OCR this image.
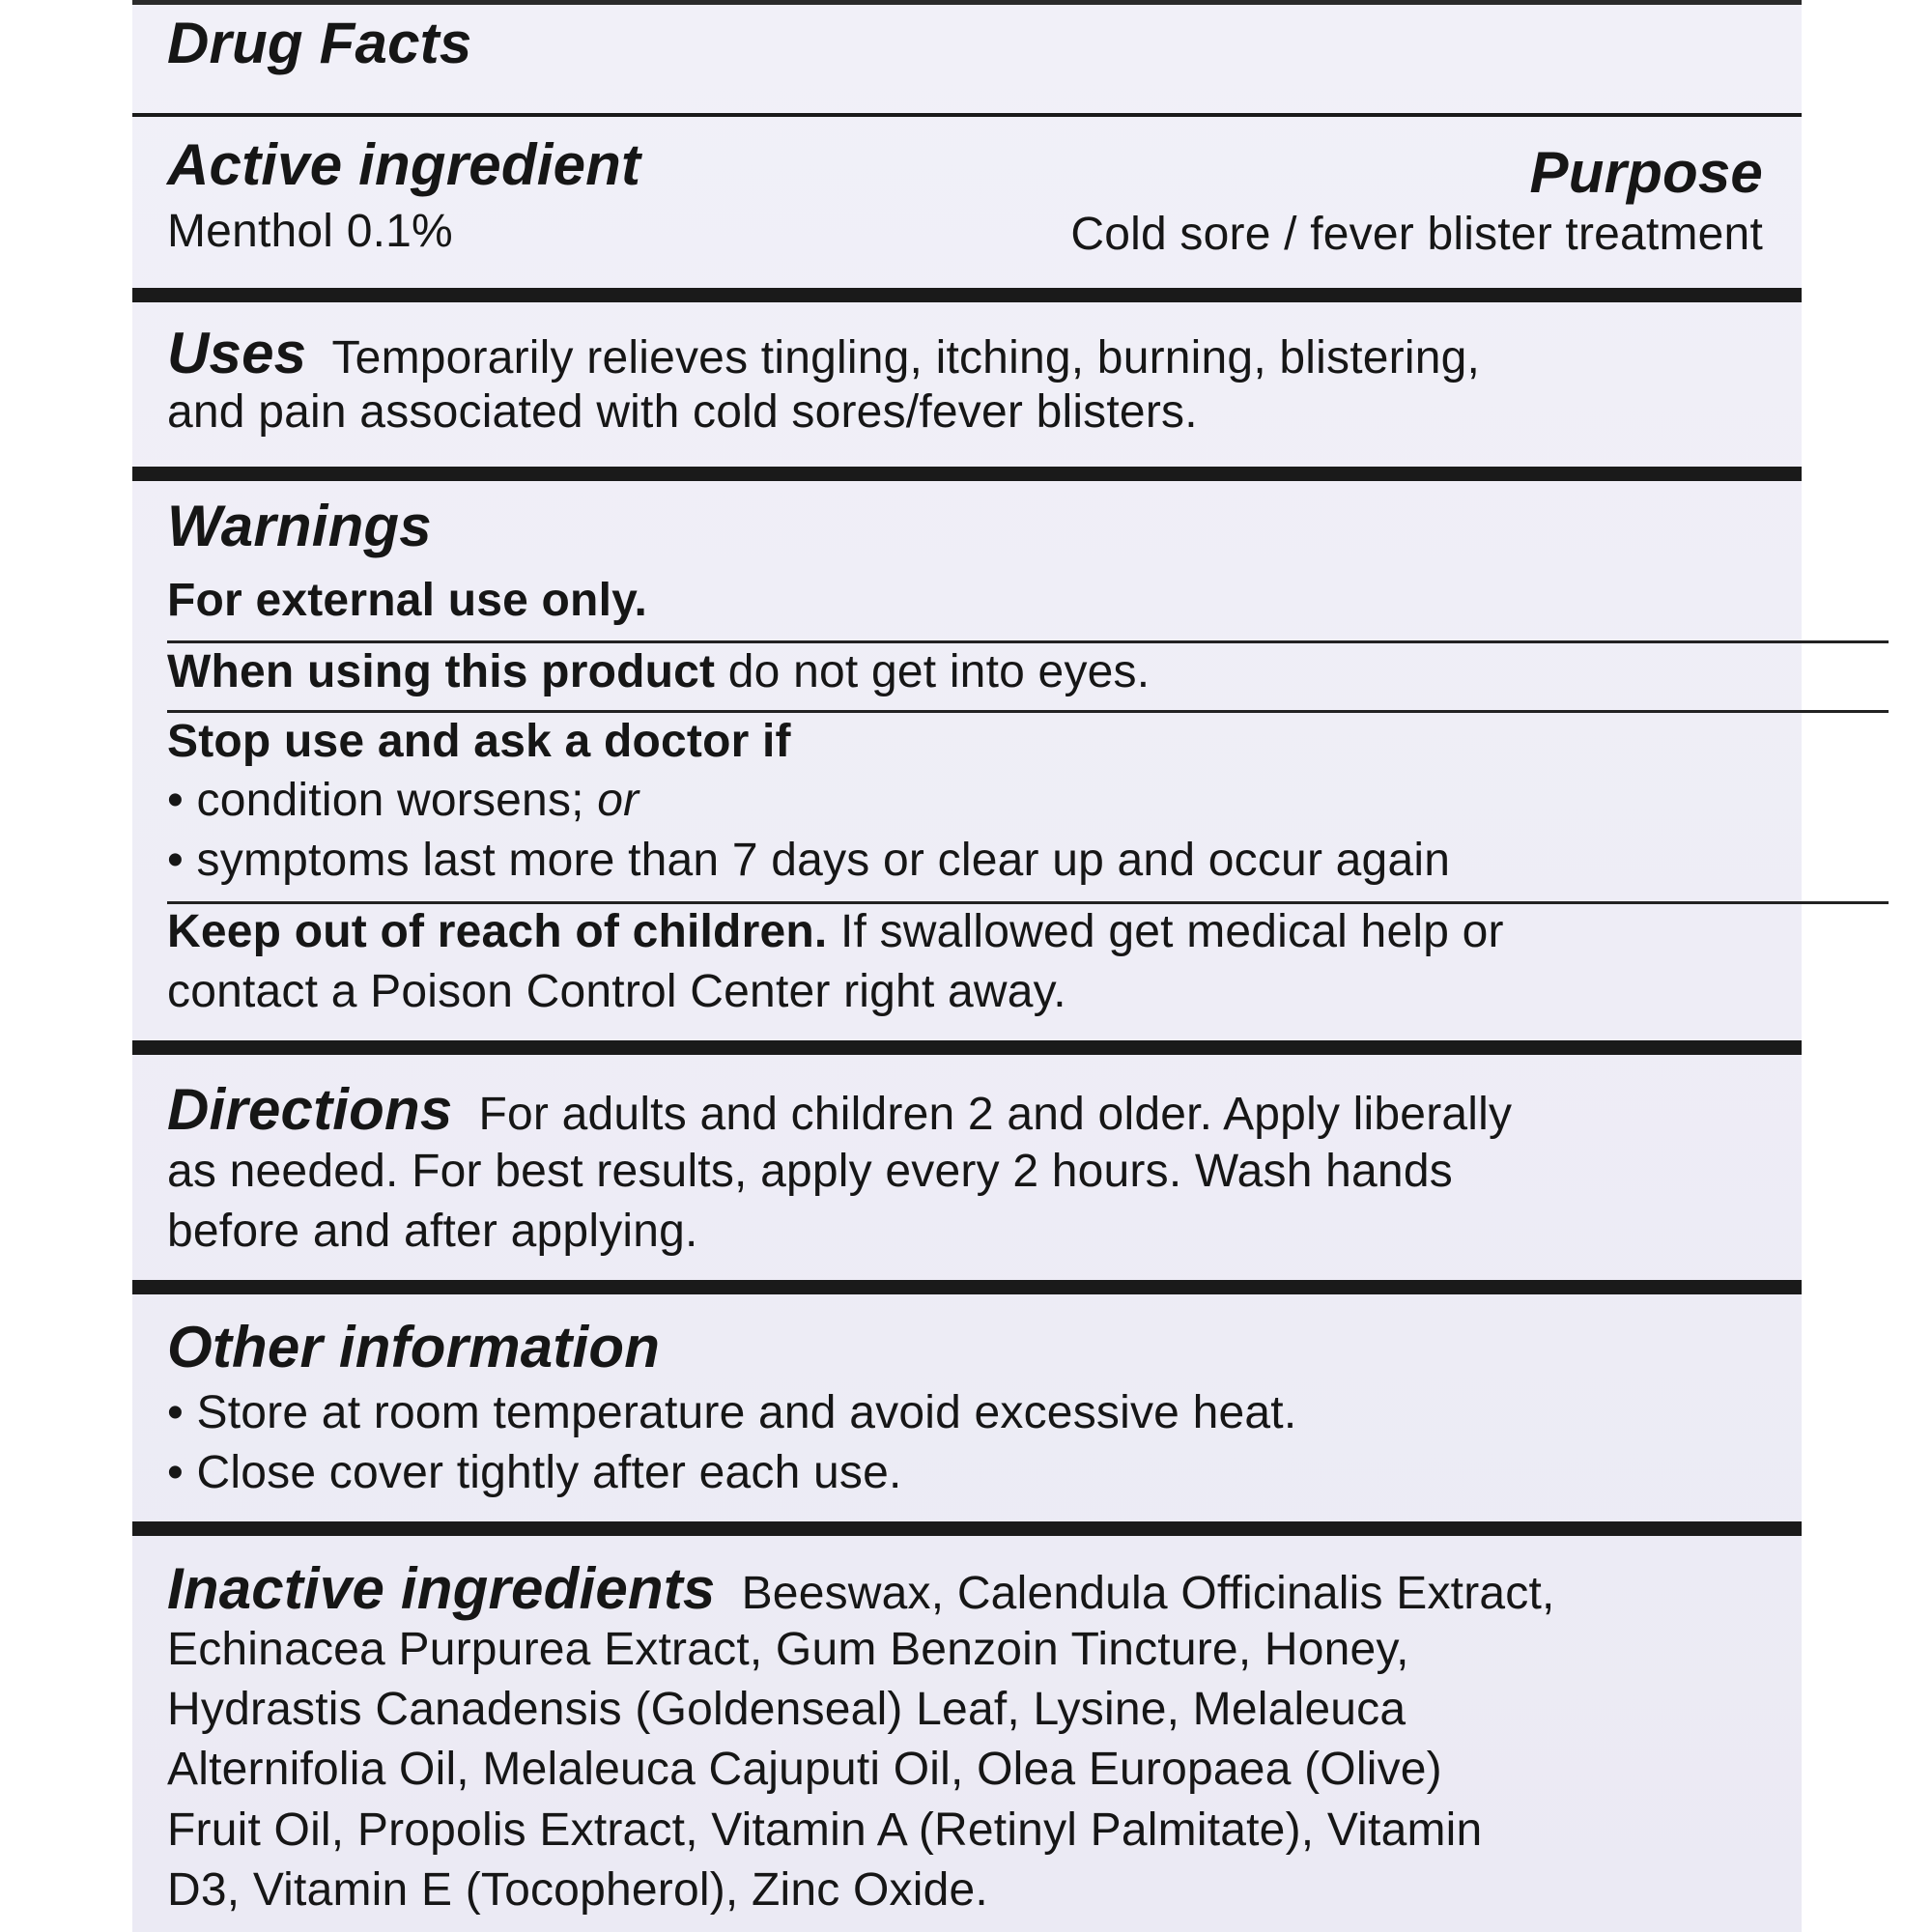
Drug Facts
Active ingredient	Purpose
Menthol 0.1%	Cold sore / fever blister treatment
Uses Temporarily relieves tingling, itching, burning, blistering,
and pain associated with cold sores/fever blisters.
Warnings
For external use only.
When using this product do not get into eyes.
Stop use and ask a doctor if
• condition worsens; or
• symptoms last more than 7 days or clear up and occur again
Keep out of reach of children. If swallowed get medical help or
contact a Poison Control Center right away.
Directions For adults and children 2 and older. Apply liberally
as needed. For best results, apply every 2 hours. Wash hands
before and after applying.
Other information
• Store at room temperature and avoid excessive heat.
• Close cover tightly after each use.
Inactive ingredients Beeswax, Calendula Officinalis Extract,
Echinacea Purpurea Extract, Gum Benzoin Tincture, Honey,
Hydrastis Canadensis (Goldenseal) Leaf, Lysine, Melaleuca
Alternifolia Oil, Melaleuca Cajuputi Oil, Olea Europaea (Olive)
Fruit Oil, Propolis Extract, Vitamin A (Retinyl Palmitate), Vitamin
D3, Vitamin E (Tocopherol), Zinc Oxide.
